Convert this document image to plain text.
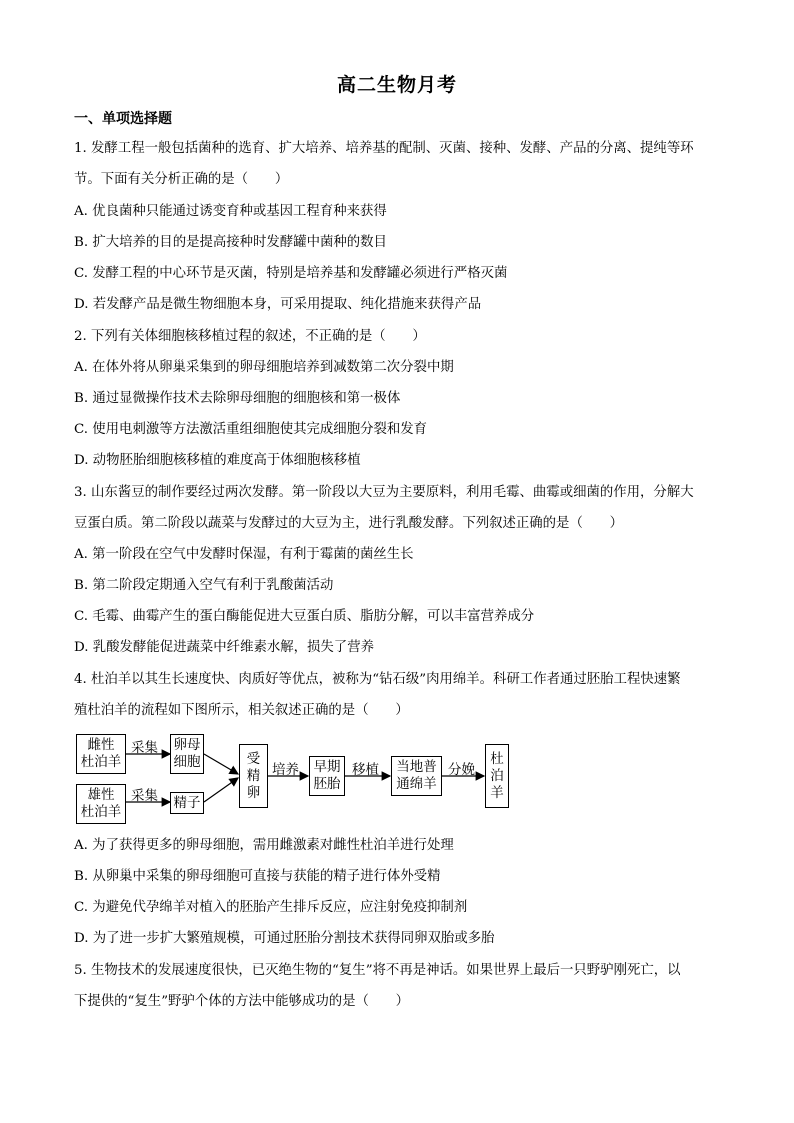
高二生物月考
一、单项选择题
1. 发酵工程一般包括菌种的选育、扩大培养、培养基的配制、灭菌、接种、发酵、产品的分离、提纯等环
节。下面有关分析正确的是（　　）
A. 优良菌种只能通过诱变育种或基因工程育种来获得
B. 扩大培养的目的是提高接种时发酵罐中菌种的数目
C. 发酵工程的中心环节是灭菌，特别是培养基和发酵罐必须进行严格灭菌
D. 若发酵产品是微生物细胞本身，可采用提取、纯化措施来获得产品
2. 下列有关体细胞核移植过程的叙述，不正确的是（　　）
A. 在体外将从卵巢采集到的卵母细胞培养到减数第二次分裂中期
B. 通过显微操作技术去除卵母细胞的细胞核和第一极体
C. 使用电刺激等方法激活重组细胞使其完成细胞分裂和发育
D. 动物胚胎细胞核移植的难度高于体细胞核移植
3. 山东酱豆的制作要经过两次发酵。第一阶段以大豆为主要原料，利用毛霉、曲霉或细菌的作用，分解大
豆蛋白质。第二阶段以蔬菜与发酵过的大豆为主，进行乳酸发酵。下列叙述正确的是（　　）
A. 第一阶段在空气中发酵时保湿，有利于霉菌的菌丝生长
B. 第二阶段定期通入空气有利于乳酸菌活动
C. 毛霉、曲霉产生的蛋白酶能促进大豆蛋白质、脂肪分解，可以丰富营养成分
D. 乳酸发酵能促进蔬菜中纤维素水解，损失了营养
4. 杜泊羊以其生长速度快、肉质好等优点，被称为“钻石级”肉用绵羊。科研工作者通过胚胎工程快速繁
殖杜泊羊的流程如下图所示，相关叙述正确的是（　　）
雌性
杜泊羊
雄性
杜泊羊
采集
采集
卵母
细胞
精子
受
精
卵
培养 早期
胚胎
移植 当地普
通绵羊
分娩
杜
泊
羊
A. 为了获得更多的卵母细胞，需用雌激素对雌性杜泊羊进行处理
B. 从卵巢中采集的卵母细胞可直接与获能的精子进行体外受精
C. 为避免代孕绵羊对植入的胚胎产生排斥反应，应注射免疫抑制剂
D. 为了进一步扩大繁殖规模，可通过胚胎分割技术获得同卵双胎或多胎
5. 生物技术的发展速度很快，已灭绝生物的“复生”将不再是神话。如果世界上最后一只野驴刚死亡，以
下提供的“复生”野驴个体的方法中能够成功的是（　　）
